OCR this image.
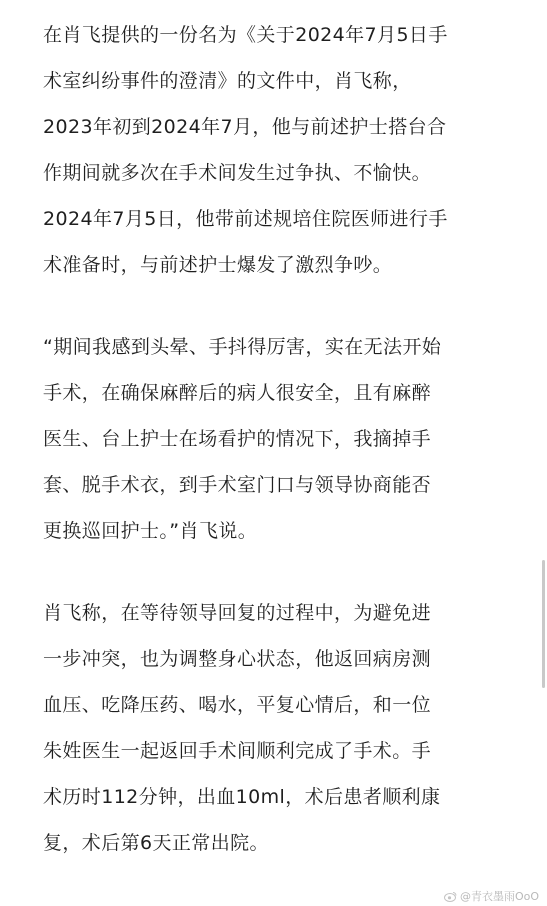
在肖飞提供的一份名为《关于2024年7月5日手
术室纠纷事件的澄清》的文件中，肖飞称，
2023年初到2024年7月，他与前述护士搭台合
作期间就多次在手术间发生过争执、不愉快。
2024年7月5日，他带前述规培住院医师进行手
术准备时，与前述护士爆发了激烈争吵。

“期间我感到头晕、手抖得厉害，实在无法开始
手术，在确保麻醉后的病人很安全，且有麻醉
医生、台上护士在场看护的情况下，我摘掉手
套、脱手术衣，到手术室门口与领导协商能否
更换巡回护士。”肖飞说。

肖飞称，在等待领导回复的过程中，为避免进
一步冲突，也为调整身心状态，他返回病房测
血压、吃降压药、喝水，平复心情后，和一位
朱姓医生一起返回手术间顺利完成了手术。手
术历时112分钟，出血10ml，术后患者顺利康
复，术后第6天正常出院。

@青衣墨雨OoO
